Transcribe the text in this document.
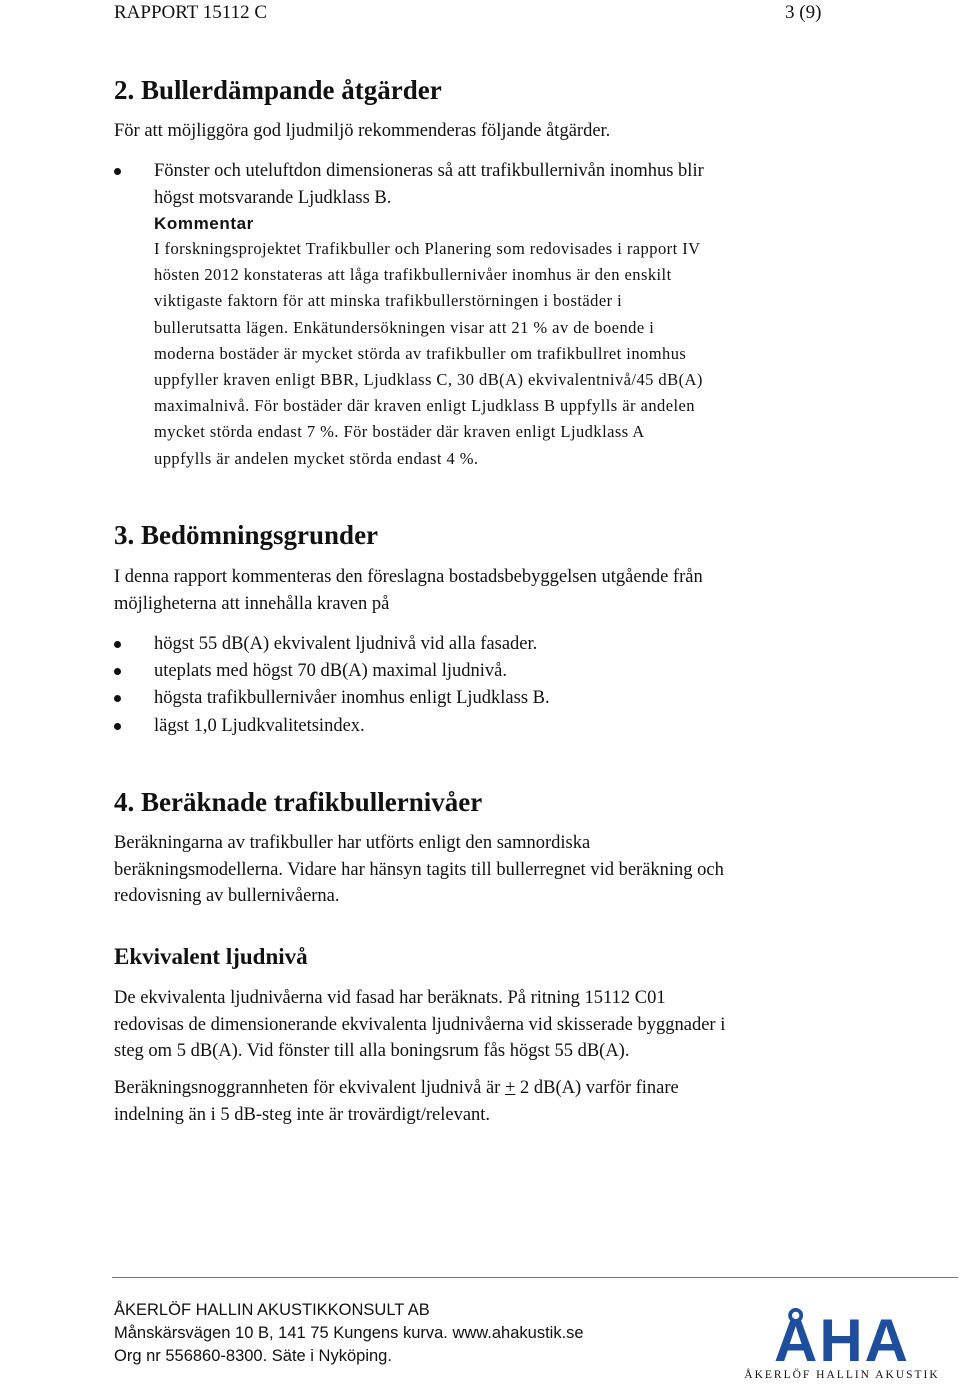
RAPPORT 15112 C	3 (9)
2. Bullerdämpande åtgärder
För att möjliggöra god ljudmiljö rekommenderas följande åtgärder.
Fönster och uteluftdon dimensioneras så att trafikbullernivån inomhus blir
högst motsvarande Ljudklass B.
Kommentar
I forskningsprojektet Trafikbuller och Planering som redovisades i rapport IV
hösten 2012 konstateras att låga trafikbullernivåer inomhus är den enskilt
viktigaste faktorn för att minska trafikbullerstörningen i bostäder i
bullerutsatta lägen. Enkätundersökningen visar att 21 % av de boende i
moderna bostäder är mycket störda av trafikbuller om trafikbullret inomhus
uppfyller kraven enligt BBR, Ljudklass C, 30 dB(A) ekvivalentnivå/45 dB(A)
maximalnivå. För bostäder där kraven enligt Ljudklass B uppfylls är andelen
mycket störda endast 7 %. För bostäder där kraven enligt Ljudklass A
uppfylls är andelen mycket störda endast 4 %.
3. Bedömningsgrunder
I denna rapport kommenteras den föreslagna bostadsbebyggelsen utgående från
möjligheterna att innehålla kraven på
högst 55 dB(A) ekvivalent ljudnivå vid alla fasader.
uteplats med högst 70 dB(A) maximal ljudnivå.
högsta trafikbullernivåer inomhus enligt Ljudklass B.
lägst 1,0 Ljudkvalitetsindex.
4. Beräknade trafikbullernivåer
Beräkningarna av trafikbuller har utförts enligt den samnordiska
beräkningsmodellerna. Vidare har hänsyn tagits till bullerregnet vid beräkning och
redovisning av bullernivåerna.
Ekvivalent ljudnivå
De ekvivalenta ljudnivåerna vid fasad har beräknats. På ritning 15112 C01
redovisas de dimensionerande ekvivalenta ljudnivåerna vid skisserade byggnader i
steg om 5 dB(A). Vid fönster till alla boningsrum fås högst 55 dB(A).
Beräkningsnoggrannheten för ekvivalent ljudnivå är + 2 dB(A) varför finare
indelning än i 5 dB-steg inte är trovärdigt/relevant.
ÅKERLÖF HALLIN AKUSTIKKONSULT AB
Månskärsvägen 10 B, 141 75 Kungens kurva. www.ahakustik.se
Org nr 556860-8300. Säte i Nyköping.	ÅHA
ÅKERLÖF HALLIN AKUSTIK
